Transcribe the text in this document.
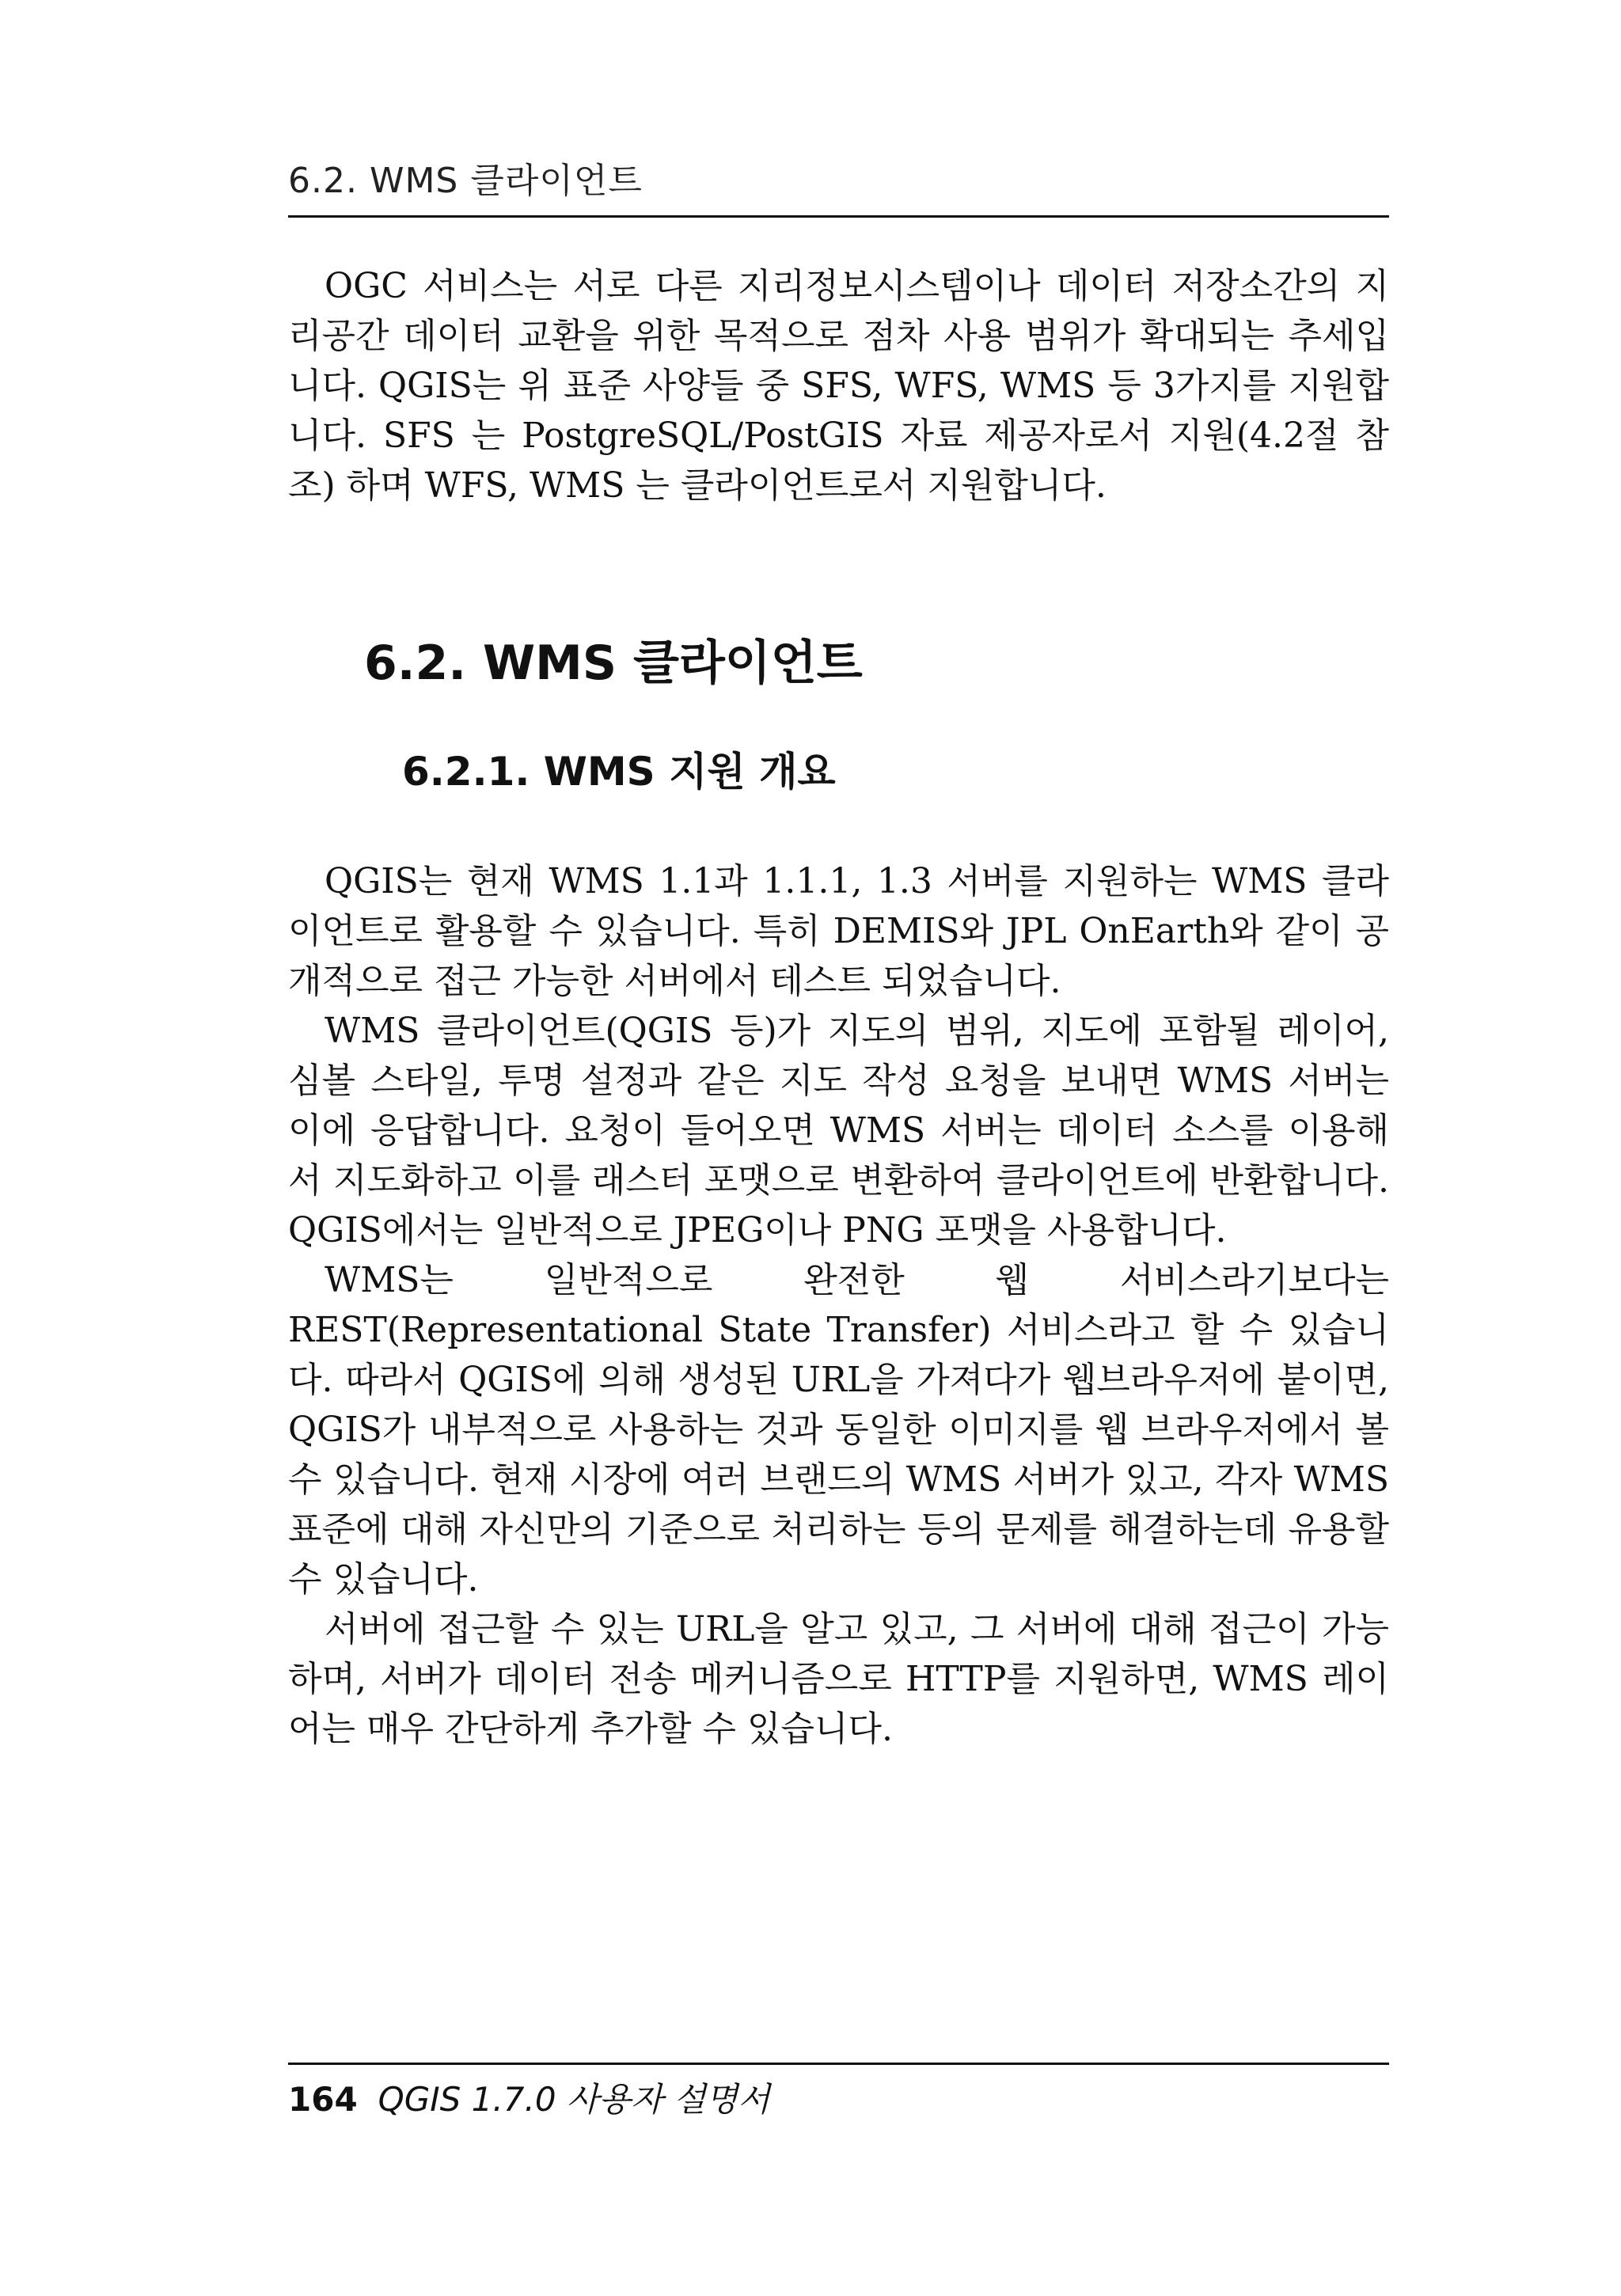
6.2. WMS 클라이언트

OGC 서비스는 서로 다른 지리정보시스템이나 데이터 저장소간의 지리공간 데이터 교환을 위한 목적으로 점차 사용 범위가 확대되는 추세입니다. QGIS는 위 표준 사양들 중 SFS, WFS, WMS 등 3가지를 지원합니다. SFS 는 PostgreSQL/PostGIS 자료 제공자로서 지원(4.2절 참조) 하며 WFS, WMS 는 클라이언트로서 지원합니다.

6.2. WMS 클라이언트
6.2.1. WMS 지원 개요

QGIS는 현재 WMS 1.1과 1.1.1, 1.3 서버를 지원하는 WMS 클라이언트로 활용할 수 있습니다. 특히 DEMIS와 JPL OnEarth와 같이 공개적으로 접근 가능한 서버에서 테스트 되었습니다.

WMS 클라이언트(QGIS 등)가 지도의 범위, 지도에 포함될 레이어, 심볼 스타일, 투명 설정과 같은 지도 작성 요청을 보내면 WMS 서버는 이에 응답합니다. 요청이 들어오면 WMS 서버는 데이터 소스를 이용해서 지도화하고 이를 래스터 포맷으로 변환하여 클라이언트에 반환합니다. QGIS에서는 일반적으로 JPEG이나 PNG 포맷을 사용합니다.

WMS는 일반적으로 완전한 웹 서비스라기보다는 REST(Representational State Transfer) 서비스라고 할 수 있습니다. 따라서 QGIS에 의해 생성된 URL을 가져다가 웹브라우저에 붙이면, QGIS가 내부적으로 사용하는 것과 동일한 이미지를 웹 브라우저에서 볼 수 있습니다. 현재 시장에 여러 브랜드의 WMS 서버가 있고, 각자 WMS 표준에 대해 자신만의 기준으로 처리하는 등의 문제를 해결하는데 유용할 수 있습니다.

서버에 접근할 수 있는 URL을 알고 있고, 그 서버에 대해 접근이 가능하며, 서버가 데이터 전송 메커니즘으로 HTTP를 지원하면, WMS 레이어는 매우 간단하게 추가할 수 있습니다.

164 QGIS 1.7.0 사용자 설명서
